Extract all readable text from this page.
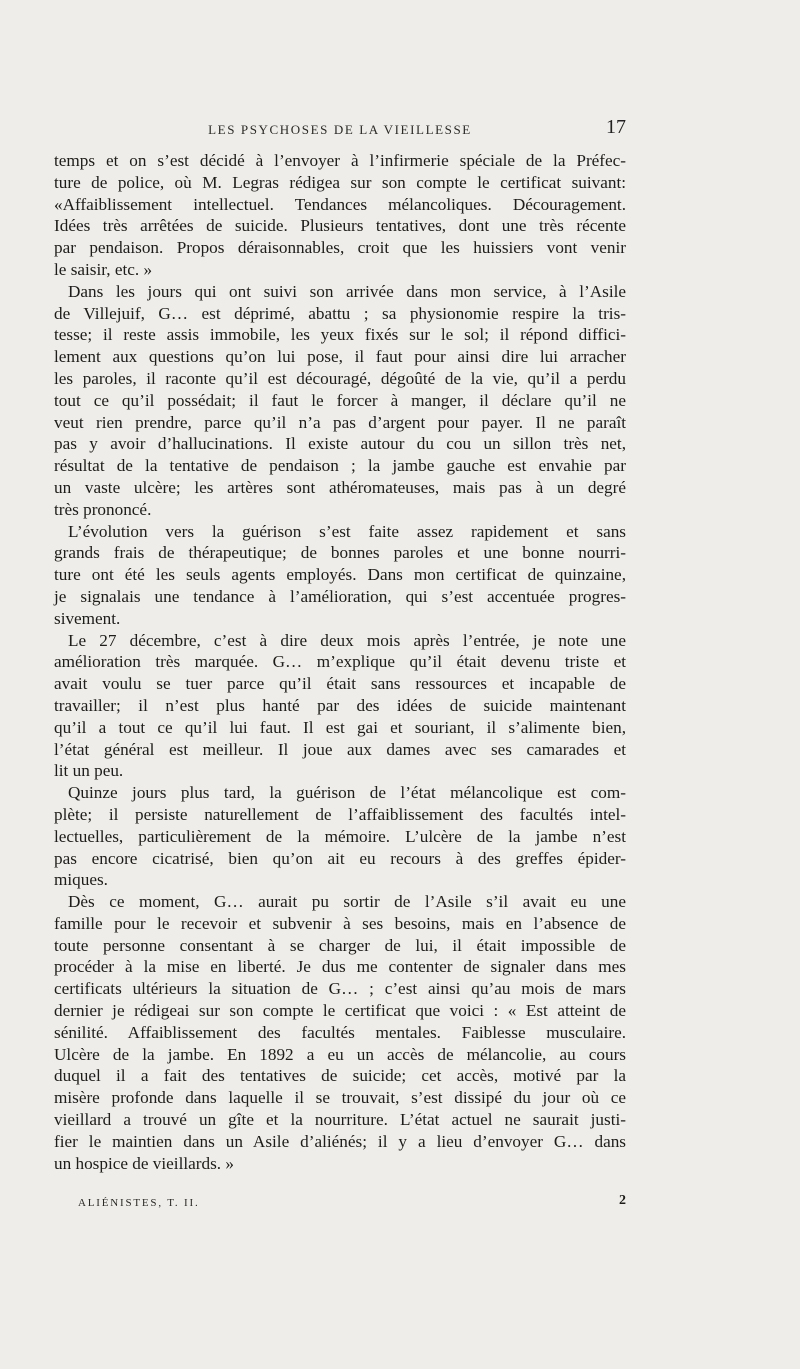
LES PSYCHOSES DE LA VIEILLESSE	17
temps et on s’est décidé à l’envoyer à l’infirmerie spéciale de la Préfec-
ture de police, où M. Legras rédigea sur son compte le certificat suivant:
«Affaiblissement intellectuel. Tendances mélancoliques. Découragement.
Idées très arrêtées de suicide. Plusieurs tentatives, dont une très récente
par pendaison. Propos déraisonnables, croit que les huissiers vont venir
le saisir, etc. »
Dans les jours qui ont suivi son arrivée dans mon service, à l’Asile
de Villejuif, G… est déprimé, abattu ; sa physionomie respire la tris-
tesse; il reste assis immobile, les yeux fixés sur le sol; il répond diffici-
lement aux questions qu’on lui pose, il faut pour ainsi dire lui arracher
les paroles, il raconte qu’il est découragé, dégoûté de la vie, qu’il a perdu
tout ce qu’il possédait; il faut le forcer à manger, il déclare qu’il ne
veut rien prendre, parce qu’il n’a pas d’argent pour payer. Il ne paraît
pas y avoir d’hallucinations. Il existe autour du cou un sillon très net,
résultat de la tentative de pendaison ; la jambe gauche est envahie par
un vaste ulcère; les artères sont athéromateuses, mais pas à un degré
très prononcé.
L’évolution vers la guérison s’est faite assez rapidement et sans
grands frais de thérapeutique; de bonnes paroles et une bonne nourri-
ture ont été les seuls agents employés. Dans mon certificat de quinzaine,
je signalais une tendance à l’amélioration, qui s’est accentuée progres-
sivement.
Le 27 décembre, c’est à dire deux mois après l’entrée, je note une
amélioration très marquée. G… m’explique qu’il était devenu triste et
avait voulu se tuer parce qu’il était sans ressources et incapable de
travailler; il n’est plus hanté par des idées de suicide maintenant
qu’il a tout ce qu’il lui faut. Il est gai et souriant, il s’alimente bien,
l’état général est meilleur. Il joue aux dames avec ses camarades et
lit un peu.
Quinze jours plus tard, la guérison de l’état mélancolique est com-
plète; il persiste naturellement de l’affaiblissement des facultés intel-
lectuelles, particulièrement de la mémoire. L’ulcère de la jambe n’est
pas encore cicatrisé, bien qu’on ait eu recours à des greffes épider-
miques.
Dès ce moment, G… aurait pu sortir de l’Asile s’il avait eu une
famille pour le recevoir et subvenir à ses besoins, mais en l’absence de
toute personne consentant à se charger de lui, il était impossible de
procéder à la mise en liberté. Je dus me contenter de signaler dans mes
certificats ultérieurs la situation de G… ; c’est ainsi qu’au mois de mars
dernier je rédigeai sur son compte le certificat que voici : « Est atteint de
sénilité. Affaiblissement des facultés mentales. Faiblesse musculaire.
Ulcère de la jambe. En 1892 a eu un accès de mélancolie, au cours
duquel il a fait des tentatives de suicide; cet accès, motivé par la
misère profonde dans laquelle il se trouvait, s’est dissipé du jour où ce
vieillard a trouvé un gîte et la nourriture. L’état actuel ne saurait justi-
fier le maintien dans un Asile d’aliénés; il y a lieu d’envoyer G… dans
un hospice de vieillards. »
ALIÉNISTES, T. II.	2
